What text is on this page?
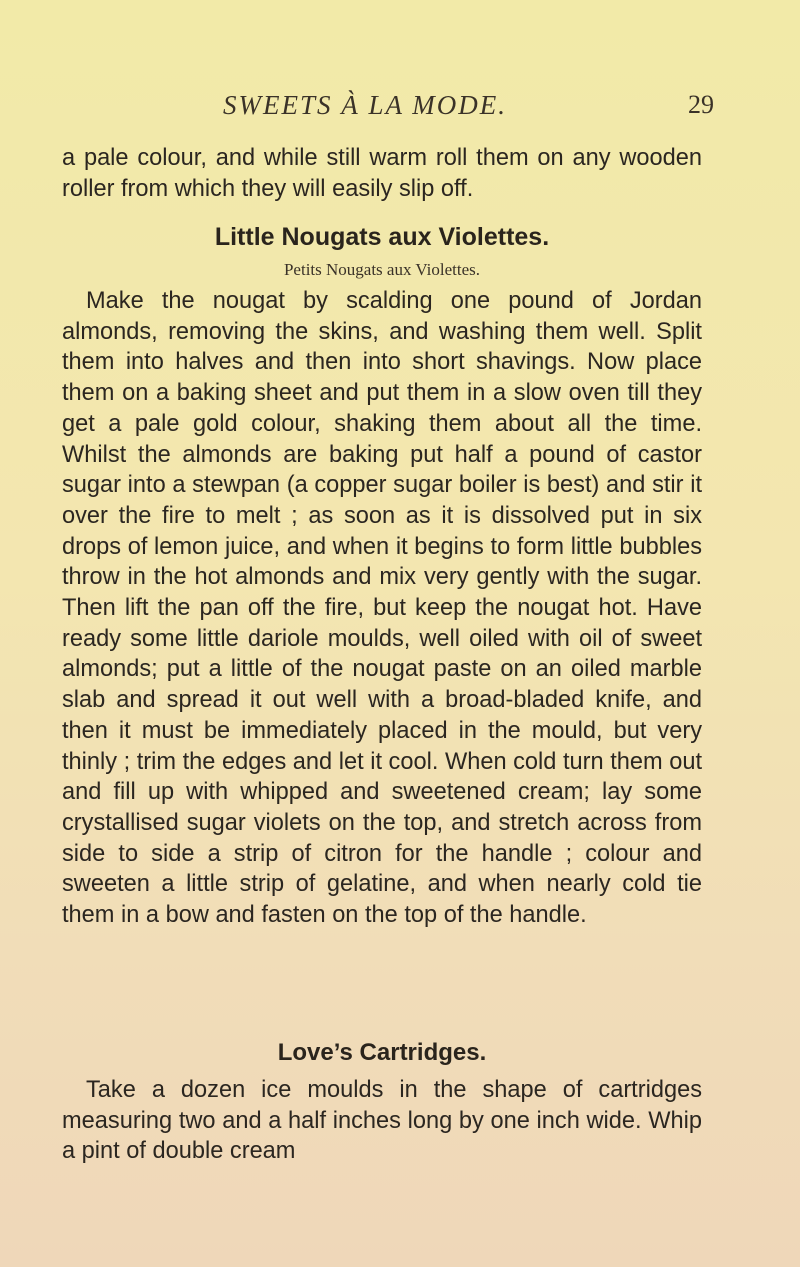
SWEETS À LA MODE.	29

a pale colour, and while still warm roll them on any wooden roller from which they will easily slip off.

Little Nougats aux Violettes.
Petits Nougats aux Violettes.

Make the nougat by scalding one pound of Jordan almonds, removing the skins, and washing them well. Split them into halves and then into short shavings. Now place them on a baking sheet and put them in a slow oven till they get a pale gold colour, shaking them about all the time. Whilst the almonds are baking put half a pound of castor sugar into a stewpan (a copper sugar boiler is best) and stir it over the fire to melt ; as soon as it is dissolved put in six drops of lemon juice, and when it begins to form little bubbles throw in the hot almonds and mix very gently with the sugar. Then lift the pan off the fire, but keep the nougat hot. Have ready some little dariole moulds, well oiled with oil of sweet almonds; put a little of the nougat paste on an oiled marble slab and spread it out well with a broad-bladed knife, and then it must be immediately placed in the mould, but very thinly ; trim the edges and let it cool. When cold turn them out and fill up with whipped and sweetened cream; lay some crystallised sugar violets on the top, and stretch across from side to side a strip of citron for the handle ; colour and sweeten a little strip of gelatine, and when nearly cold tie them in a bow and fasten on the top of the handle.

Love’s Cartridges.

Take a dozen ice moulds in the shape of cartridges measuring two and a half inches long by one inch wide. Whip a pint of double cream
